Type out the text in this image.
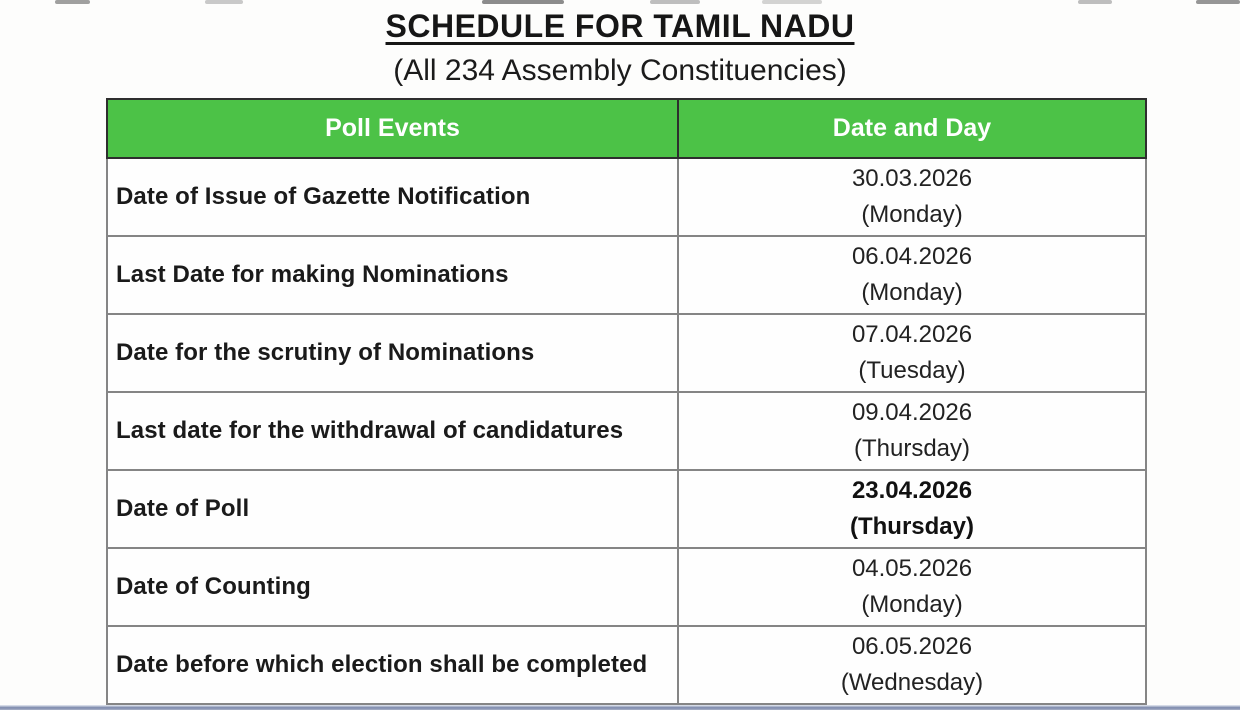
SCHEDULE FOR TAMIL NADU
(All 234 Assembly Constituencies)
Poll Events	Date and Day
Date of Issue of Gazette Notification	30.03.2026
(Monday)

Last Date for making Nominations	06.04.2026
(Monday)

Date for the scrutiny of Nominations	07.04.2026
(Tuesday)

Last date for the withdrawal of candidatures	09.04.2026
(Thursday)

Date of Poll	23.04.2026
(Thursday)

Date of Counting	04.05.2026
(Monday)

Date before which election shall be completed	06.05.2026
(Wednesday)
